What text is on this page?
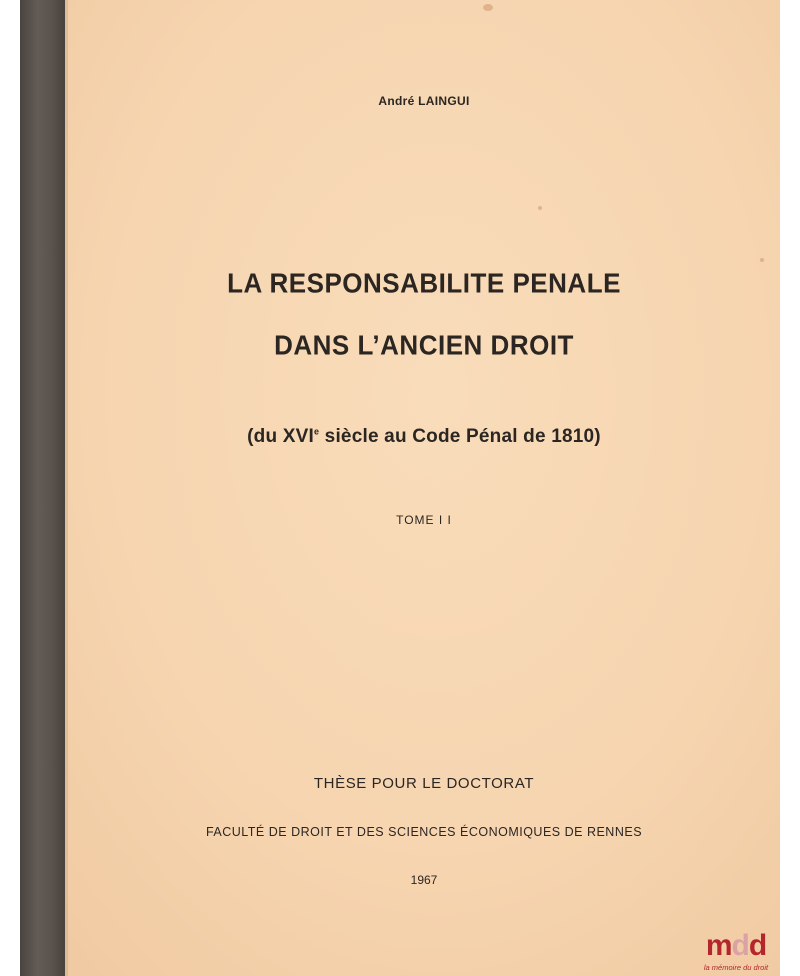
André LAINGUI

LA RESPONSABILITE PENALE

DANS L’ANCIEN DROIT

(du XVIe siècle au Code Pénal de 1810)

TOME I I

THÈSE POUR LE DOCTORAT

FACULTÉ DE DROIT ET DES SCIENCES ÉCONOMIQUES DE RENNES

1967

mdd
la mémoire du droit
